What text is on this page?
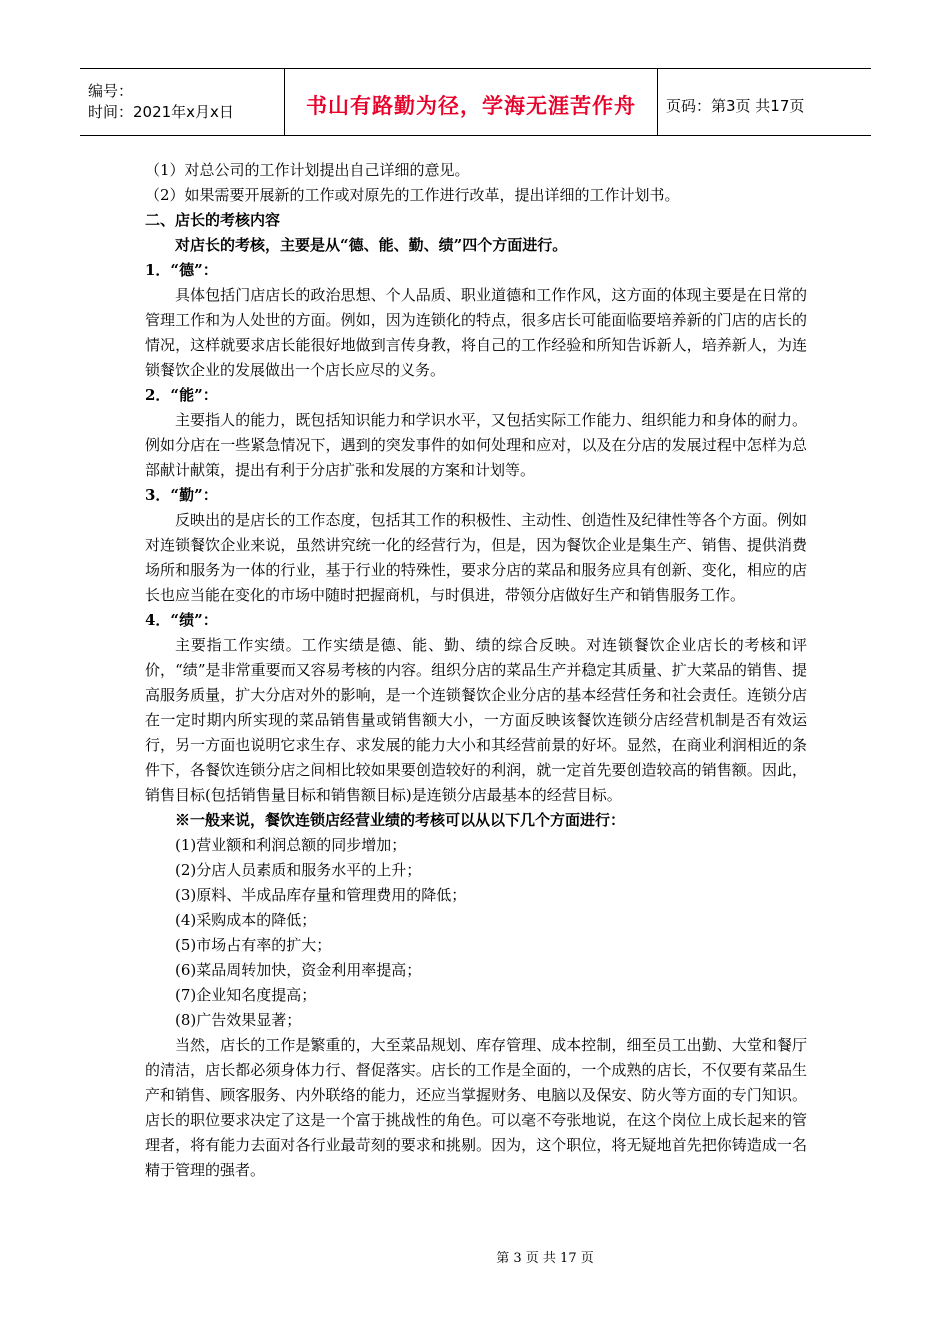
编号：
时间：2021年x月x日	书山有路勤为径，学海无涯苦作舟 页码：第3页 共17页

（1）对总公司的工作计划提出自己详细的意见。

（2）如果需要开展新的工作或对原先的工作进行改革，提出详细的工作计划书。

二、店长的考核内容

对店长的考核，主要是从“德、能、勤、绩”四个方面进行。

1．“德”：

具体包括门店店长的政治思想、个人品质、职业道德和工作作风，这方面的体现主要是在日常的管理工作和为人处世的方面。例如，因为连锁化的特点，很多店长可能面临要培养新的门店的店长的情况，这样就要求店长能很好地做到言传身教，将自己的工作经验和所知告诉新人，培养新人，为连锁餐饮企业的发展做出一个店长应尽的义务。

2．“能”：

主要指人的能力，既包括知识能力和学识水平，又包括实际工作能力、组织能力和身体的耐力。例如分店在一些紧急情况下，遇到的突发事件的如何处理和应对，以及在分店的发展过程中怎样为总部献计献策，提出有利于分店扩张和发展的方案和计划等。

3．“勤”：

反映出的是店长的工作态度，包括其工作的积极性、主动性、创造性及纪律性等各个方面。例如对连锁餐饮企业来说，虽然讲究统一化的经营行为，但是，因为餐饮企业是集生产、销售、提供消费场所和服务为一体的行业，基于行业的特殊性，要求分店的菜品和服务应具有创新、变化，相应的店长也应当能在变化的市场中随时把握商机，与时俱进，带领分店做好生产和销售服务工作。

4．“绩”：

主要指工作实绩。工作实绩是德、能、勤、绩的综合反映。对连锁餐饮企业店长的考核和评价，“绩”是非常重要而又容易考核的内容。组织分店的菜品生产并稳定其质量、扩大菜品的销售、提高服务质量，扩大分店对外的影响，是一个连锁餐饮企业分店的基本经营任务和社会责任。连锁分店在一定时期内所实现的菜品销售量或销售额大小，一方面反映该餐饮连锁分店经营机制是否有效运行，另一方面也说明它求生存、求发展的能力大小和其经营前景的好坏。显然，在商业利润相近的条件下，各餐饮连锁分店之间相比较如果要创造较好的利润，就一定首先要创造较高的销售额。因此，销售目标(包括销售量目标和销售额目标)是连锁分店最基本的经营目标。

※一般来说，餐饮连锁店经营业绩的考核可以从以下几个方面进行：

(1)营业额和利润总额的同步增加；

(2)分店人员素质和服务水平的上升；

(3)原料、半成品库存量和管理费用的降低；

(4)采购成本的降低；

(5)市场占有率的扩大；

(6)菜品周转加快，资金利用率提高；

(7)企业知名度提高；

(8)广告效果显著；

当然，店长的工作是繁重的，大至菜品规划、库存管理、成本控制，细至员工出勤、大堂和餐厅的清洁，店长都必须身体力行、督促落实。店长的工作是全面的，一个成熟的店长，不仅要有菜品生产和销售、顾客服务、内外联络的能力，还应当掌握财务、电脑以及保安、防火等方面的专门知识。店长的职位要求决定了这是一个富于挑战性的角色。可以毫不夸张地说，在这个岗位上成长起来的管理者，将有能力去面对各行业最苛刻的要求和挑剔。因为，这个职位，将无疑地首先把你铸造成一名精于管理的强者。

第 3 页 共 17 页
